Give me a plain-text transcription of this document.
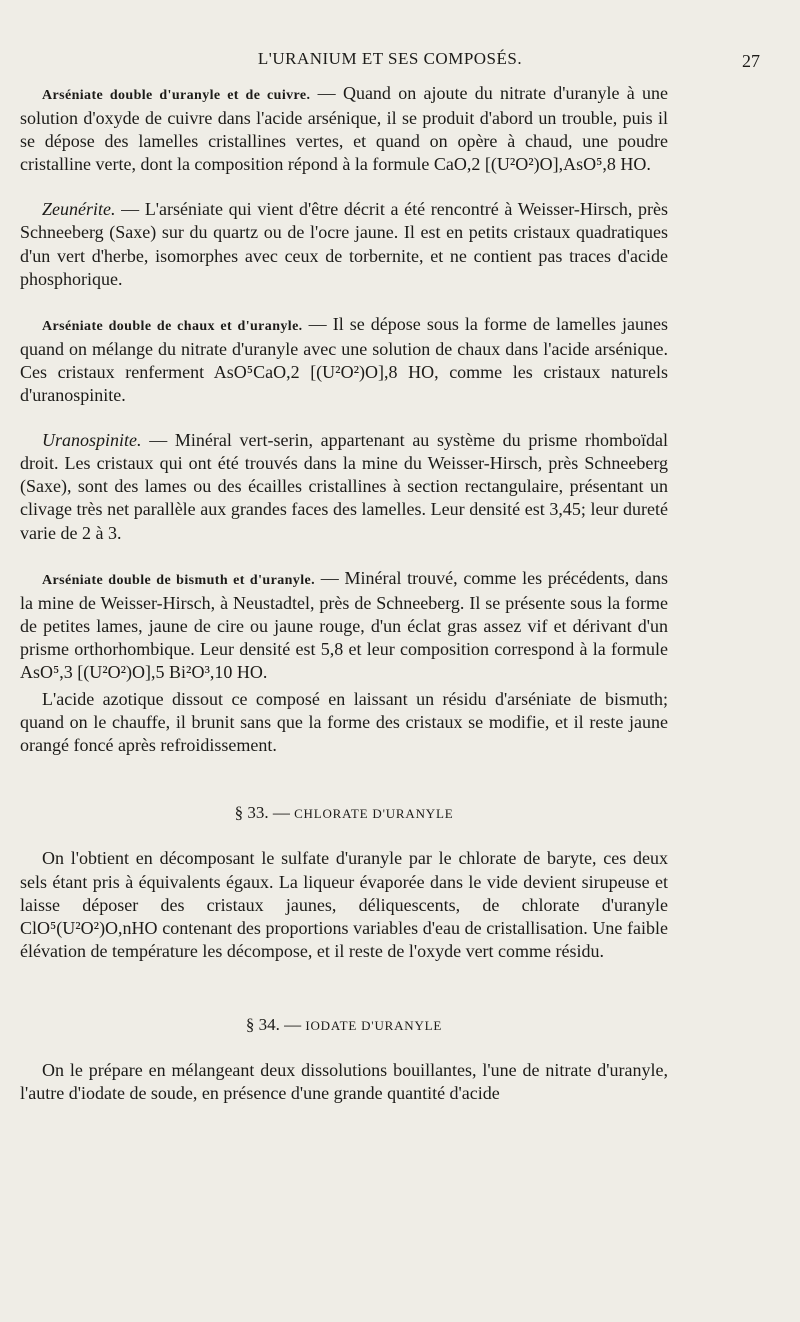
L'URANIUM ET SES COMPOSÉS.	27

Arséniate double d'uranyle et de cuivre. — Quand on ajoute du nitrate d'uranyle à une solution d'oxyde de cuivre dans l'acide arsénique, il se produit d'abord un trouble, puis il se dépose des lamelles cristallines vertes, et quand on opère à chaud, une poudre cristalline verte, dont la composition répond à la formule CaO,2 [(U²O²)O],AsO⁵,8 HO.

Zeunérite. — L'arséniate qui vient d'être décrit a été rencontré à Weisser-Hirsch, près Schneeberg (Saxe) sur du quartz ou de l'ocre jaune. Il est en petits cristaux quadratiques d'un vert d'herbe, isomorphes avec ceux de torbernite, et ne contient pas traces d'acide phosphorique.

Arséniate double de chaux et d'uranyle. — Il se dépose sous la forme de lamelles jaunes quand on mélange du nitrate d'uranyle avec une solution de chaux dans l'acide arsénique. Ces cristaux renferment AsO⁵CaO,2 [(U²O²)O],8 HO, comme les cristaux naturels d'uranospinite.

Uranospinite. — Minéral vert-serin, appartenant au système du prisme rhomboïdal droit. Les cristaux qui ont été trouvés dans la mine du Weisser-Hirsch, près Schneeberg (Saxe), sont des lames ou des écailles cristallines à section rectangulaire, présentant un clivage très net parallèle aux grandes faces des lamelles. Leur densité est 3,45; leur dureté varie de 2 à 3.

Arséniate double de bismuth et d'uranyle. — Minéral trouvé, comme les précédents, dans la mine de Weisser-Hirsch, à Neustadtel, près de Schneeberg. Il se présente sous la forme de petites lames, jaune de cire ou jaune rouge, d'un éclat gras assez vif et dérivant d'un prisme orthorhombique. Leur densité est 5,8 et leur composition correspond à la formule AsO⁵,3 [(U²O²)O],5 Bi²O³,10 HO.

L'acide azotique dissout ce composé en laissant un résidu d'arséniate de bismuth; quand on le chauffe, il brunit sans que la forme des cristaux se modifie, et il reste jaune orangé foncé après refroidissement.

§ 33. — CHLORATE D'URANYLE

On l'obtient en décomposant le sulfate d'uranyle par le chlorate de baryte, ces deux sels étant pris à équivalents égaux. La liqueur évaporée dans le vide devient sirupeuse et laisse déposer des cristaux jaunes, déliquescents, de chlorate d'uranyle ClO⁵(U²O²)O,nHO contenant des proportions variables d'eau de cristallisation. Une faible élévation de température les décompose, et il reste de l'oxyde vert comme résidu.

§ 34. — IODATE D'URANYLE

On le prépare en mélangeant deux dissolutions bouillantes, l'une de nitrate d'uranyle, l'autre d'iodate de soude, en présence d'une grande quantité d'acide
